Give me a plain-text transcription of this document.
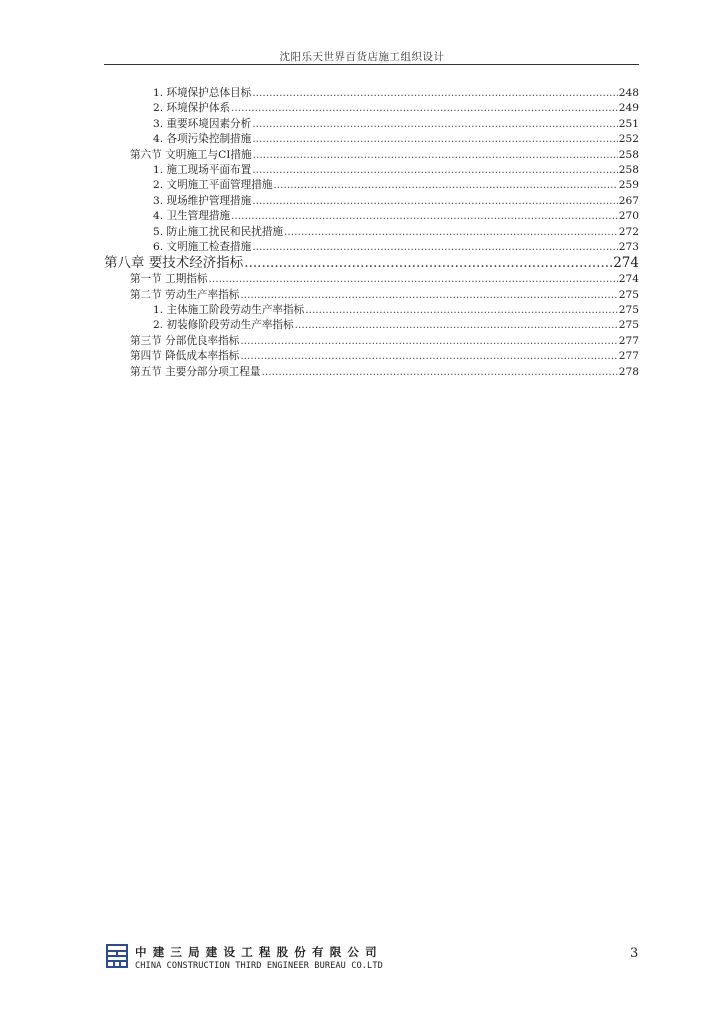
沈阳乐天世界百货店施工组织设计
1. 环境保护总体目标 .....	248
2. 环境保护体系 .....	249
3. 重要环境因素分析 .....	251
4. 各项污染控制措施 .....	252
第六节 文明施工与CI措施 .....	258
1. 施工现场平面布置 .....	258
2. 文明施工平面管理措施 .....	259
3. 现场维护管理措施 .....	267
4. 卫生管理措施 .....	270
5. 防止施工扰民和民扰措施 .....	272
6. 文明施工检查措施 .....	273
第八章 要技术经济指标 .....	274
第一节 工期指标 .....	274
第二节 劳动生产率指标 .....	275
1. 主体施工阶段劳动生产率指标 .....	275
2. 初装修阶段劳动生产率指标 .....	275
第三节 分部优良率指标 .....	277
第四节 降低成本率指标 .....	277
第五节 主要分部分项工程量 .....	278
中建三局建设工程股份有限公司
CHINA CONSTRUCTION THIRD ENGINEER BUREAU CO.LTD
3
